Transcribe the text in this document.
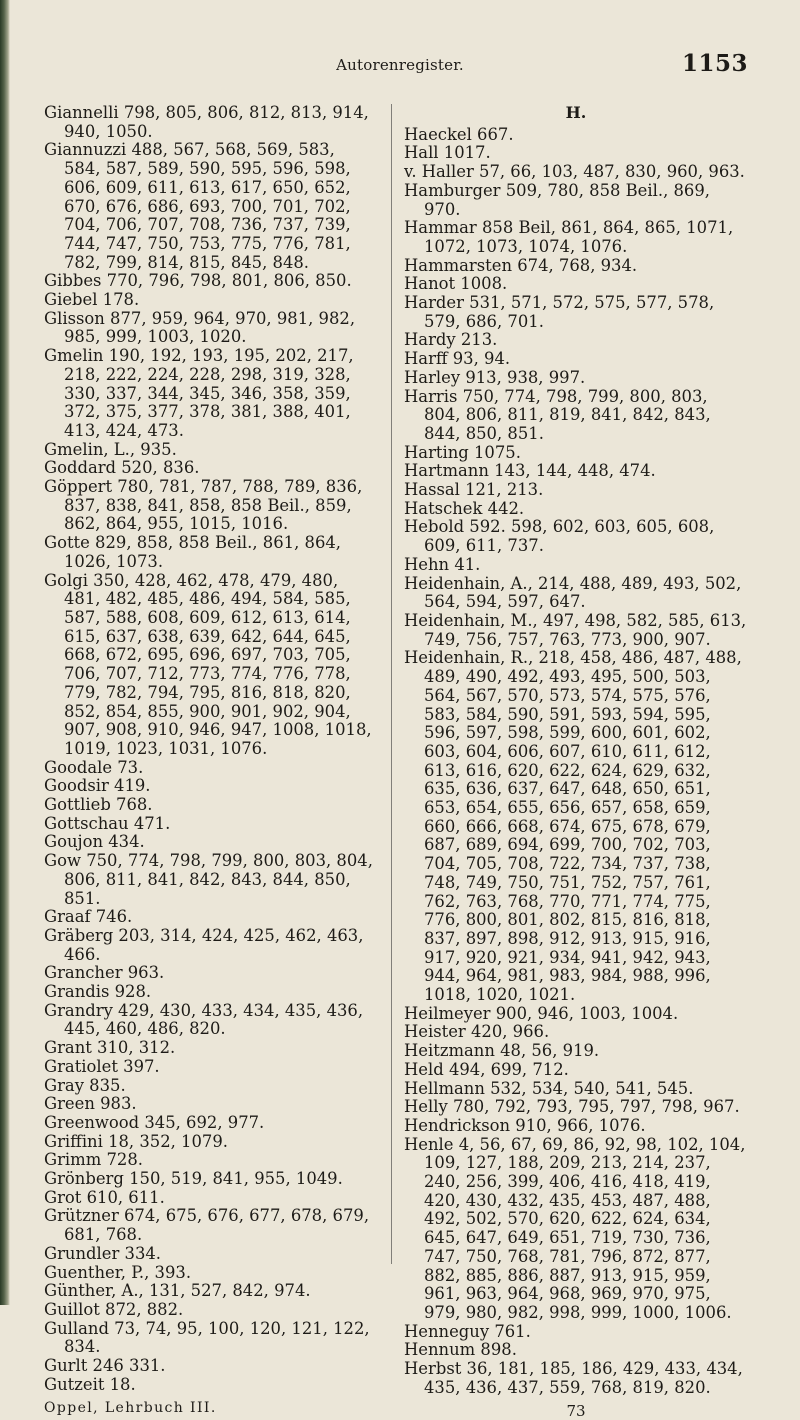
Autorenregister.	1153
Giannelli 798, 805, 806, 812, 813, 914, 940, 1050.
Giannuzzi 488, 567, 568, 569, 583, 584, 587, 589, 590, 595, 596, 598, 606, 609, 611, 613, 617, 650, 652, 670, 676, 686, 693, 700, 701, 702, 704, 706, 707, 708, 736, 737, 739, 744, 747, 750, 753, 775, 776, 781, 782, 799, 814, 815, 845, 848.
Gibbes 770, 796, 798, 801, 806, 850.
Giebel 178.
Glisson 877, 959, 964, 970, 981, 982, 985, 999, 1003, 1020.
Gmelin 190, 192, 193, 195, 202, 217, 218, 222, 224, 228, 298, 319, 328, 330, 337, 344, 345, 346, 358, 359, 372, 375, 377, 378, 381, 388, 401, 413, 424, 473.
Gmelin, L., 935.
Goddard 520, 836.
Göppert 780, 781, 787, 788, 789, 836, 837, 838, 841, 858, 858 Beil., 859, 862, 864, 955, 1015, 1016.
Gotte 829, 858, 858 Beil., 861, 864, 1026, 1073.
Golgi 350, 428, 462, 478, 479, 480, 481, 482, 485, 486, 494, 584, 585, 587, 588, 608, 609, 612, 613, 614, 615, 637, 638, 639, 642, 644, 645, 668, 672, 695, 696, 697, 703, 705, 706, 707, 712, 773, 774, 776, 778, 779, 782, 794, 795, 816, 818, 820, 852, 854, 855, 900, 901, 902, 904, 907, 908, 910, 946, 947, 1008, 1018, 1019, 1023, 1031, 1076.
Goodale 73.
Goodsir 419.
Gottlieb 768.
Gottschau 471.
Goujon 434.
Gow 750, 774, 798, 799, 800, 803, 804, 806, 811, 841, 842, 843, 844, 850, 851.
Graaf 746.
Gräberg 203, 314, 424, 425, 462, 463, 466.
Grancher 963.
Grandis 928.
Grandry 429, 430, 433, 434, 435, 436, 445, 460, 486, 820.
Grant 310, 312.
Gratiolet 397.
Gray 835.
Green 983.
Greenwood 345, 692, 977.
Griffini 18, 352, 1079.
Grimm 728.
Grönberg 150, 519, 841, 955, 1049.
Grot 610, 611.
Grützner 674, 675, 676, 677, 678, 679, 681, 768.
Grundler 334.
Guenther, P., 393.
Günther, A., 131, 527, 842, 974.
Guillot 872, 882.
Gulland 73, 74, 95, 100, 120, 121, 122, 834.
Gurlt 246 331.
Gutzeit 18.
Oppel, Lehrbuch III.
H.
Haeckel 667.
Hall 1017.
v. Haller 57, 66, 103, 487, 830, 960, 963.
Hamburger 509, 780, 858 Beil., 869, 970.
Hammar 858 Beil, 861, 864, 865, 1071, 1072, 1073, 1074, 1076.
Hammarsten 674, 768, 934.
Hanot 1008.
Harder 531, 571, 572, 575, 577, 578, 579, 686, 701.
Hardy 213.
Harff 93, 94.
Harley 913, 938, 997.
Harris 750, 774, 798, 799, 800, 803, 804, 806, 811, 819, 841, 842, 843, 844, 850, 851.
Harting 1075.
Hartmann 143, 144, 448, 474.
Hassal 121, 213.
Hatschek 442.
Hebold 592. 598, 602, 603, 605, 608, 609, 611, 737.
Hehn 41.
Heidenhain, A., 214, 488, 489, 493, 502, 564, 594, 597, 647.
Heidenhain, M., 497, 498, 582, 585, 613, 749, 756, 757, 763, 773, 900, 907.
Heidenhain, R., 218, 458, 486, 487, 488, 489, 490, 492, 493, 495, 500, 503, 564, 567, 570, 573, 574, 575, 576, 583, 584, 590, 591, 593, 594, 595, 596, 597, 598, 599, 600, 601, 602, 603, 604, 606, 607, 610, 611, 612, 613, 616, 620, 622, 624, 629, 632, 635, 636, 637, 647, 648, 650, 651, 653, 654, 655, 656, 657, 658, 659, 660, 666, 668, 674, 675, 678, 679, 687, 689, 694, 699, 700, 702, 703, 704, 705, 708, 722, 734, 737, 738, 748, 749, 750, 751, 752, 757, 761, 762, 763, 768, 770, 771, 774, 775, 776, 800, 801, 802, 815, 816, 818, 837, 897, 898, 912, 913, 915, 916, 917, 920, 921, 934, 941, 942, 943, 944, 964, 981, 983, 984, 988, 996, 1018, 1020, 1021.
Heilmeyer 900, 946, 1003, 1004.
Heister 420, 966.
Heitzmann 48, 56, 919.
Held 494, 699, 712.
Hellmann 532, 534, 540, 541, 545.
Helly 780, 792, 793, 795, 797, 798, 967.
Hendrickson 910, 966, 1076.
Henle 4, 56, 67, 69, 86, 92, 98, 102, 104, 109, 127, 188, 209, 213, 214, 237, 240, 256, 399, 406, 416, 418, 419, 420, 430, 432, 435, 453, 487, 488, 492, 502, 570, 620, 622, 624, 634, 645, 647, 649, 651, 719, 730, 736, 747, 750, 768, 781, 796, 872, 877, 882, 885, 886, 887, 913, 915, 959, 961, 963, 964, 968, 969, 970, 975, 979, 980, 982, 998, 999, 1000, 1006.
Henneguy 761.
Hennum 898.
Herbst 36, 181, 185, 186, 429, 433, 434, 435, 436, 437, 559, 768, 819, 820.
73
